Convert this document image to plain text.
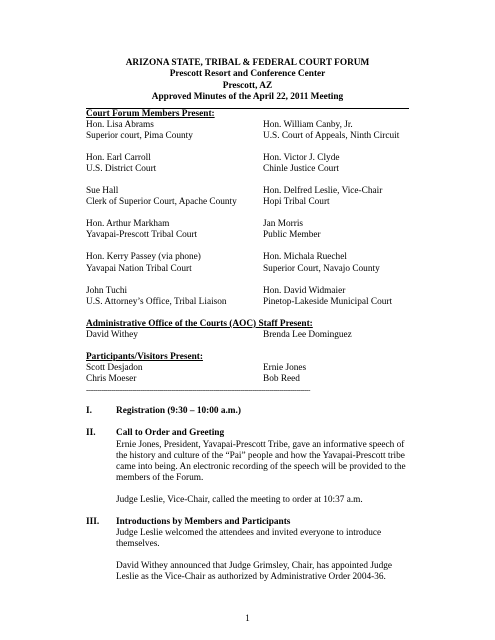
ARIZONA STATE, TRIBAL & FEDERAL COURT FORUM
Prescott Resort and Conference Center
Prescott, AZ
Approved Minutes of the April 22, 2011 Meeting
Court Forum Members Present:
Hon. Lisa Abrams	Hon. William Canby, Jr.
Superior court, Pima County	U.S. Court of Appeals, Ninth Circuit
Hon. Earl Carroll	Hon. Victor J. Clyde
U.S. District Court	Chinle Justice Court
Sue Hall	Hon. Delfred Leslie, Vice-Chair
Clerk of Superior Court, Apache County	Hopi Tribal Court
Hon. Arthur Markham	Jan Morris
Yavapai-Prescott Tribal Court	Public Member
Hon. Kerry Passey (via phone)	Hon. Michala Ruechel
Yavapai Nation Tribal Court	Superior Court, Navajo County
John Tuchi	Hon. David Widmaier
U.S. Attorney’s Office, Tribal Liaison	Pinetop-Lakeside Municipal Court
Administrative Office of the Courts (AOC) Staff Present:
David Withey	Brenda Lee Dominguez
Participants/Visitors Present:
Scott Desjadon	Ernie Jones
Chris Moeser	Bob Reed
--------------------------------------------------------------------------------------------------------------------
I.	Registration (9:30 – 10:00 a.m.)
II.	Call to Order and Greeting
Ernie Jones, President, Yavapai-Prescott Tribe, gave an informative speech of the history and culture of the “Pai” people and how the Yavapai-Prescott tribe came into being. An electronic recording of the speech will be provided to the members of the Forum.
Judge Leslie, Vice-Chair, called the meeting to order at 10:37 a.m.
III.	Introductions by Members and Participants
Judge Leslie welcomed the attendees and invited everyone to introduce themselves.
David Withey announced that Judge Grimsley, Chair, has appointed Judge Leslie as the Vice-Chair as authorized by Administrative Order 2004-36.
1
